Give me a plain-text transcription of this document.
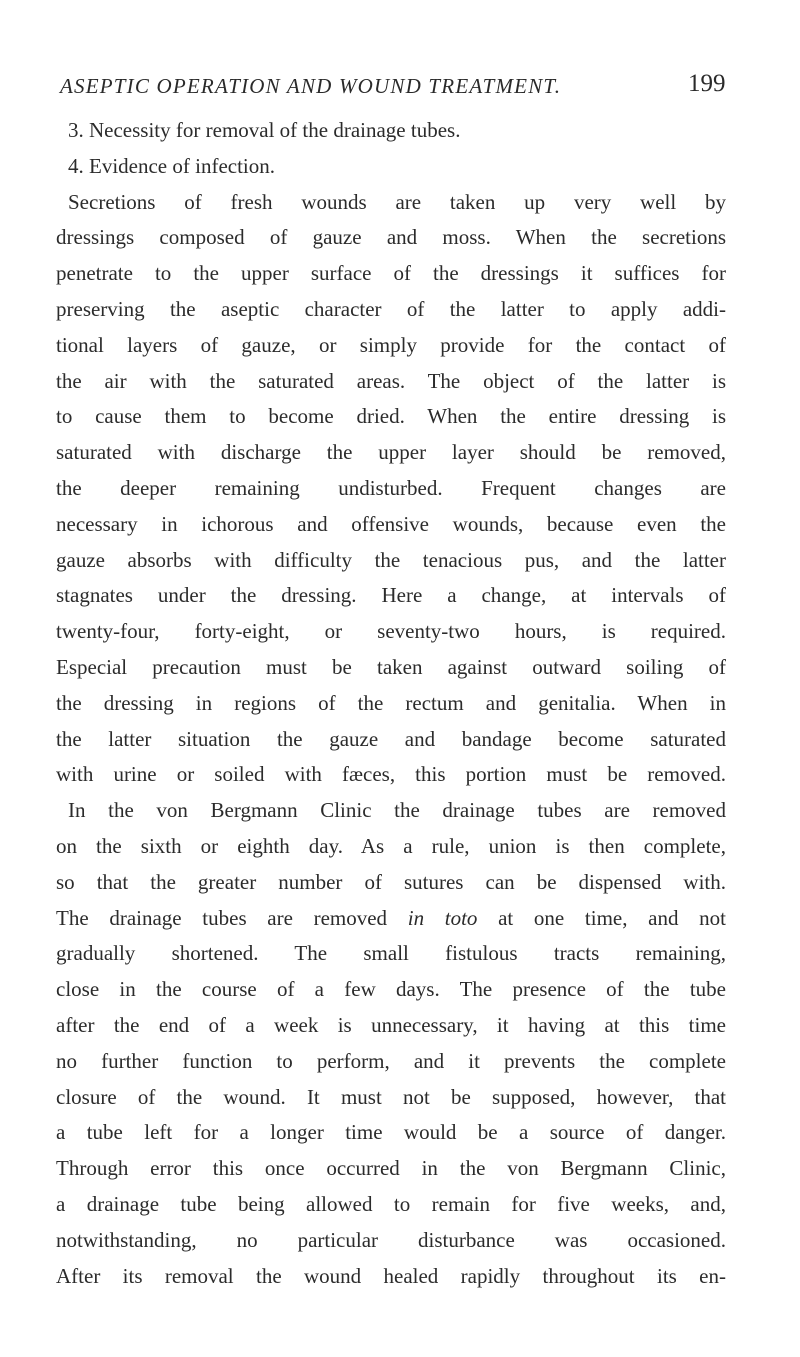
ASEPTIC OPERATION AND WOUND TREATMENT.	199
3. Necessity for removal of the drainage tubes.
4. Evidence of infection.
Secretions of fresh wounds are taken up very well by
dressings composed of gauze and moss. When the secretions
penetrate to the upper surface of the dressings it suffices for
preserving the aseptic character of the latter to apply addi-
tional layers of gauze, or simply provide for the contact of
the air with the saturated areas. The object of the latter is
to cause them to become dried. When the entire dressing is
saturated with discharge the upper layer should be removed,
the deeper remaining undisturbed. Frequent changes are
necessary in ichorous and offensive wounds, because even the
gauze absorbs with difficulty the tenacious pus, and the latter
stagnates under the dressing. Here a change, at intervals of
twenty-four, forty-eight, or seventy-two hours, is required.
Especial precaution must be taken against outward soiling of
the dressing in regions of the rectum and genitalia. When in
the latter situation the gauze and bandage become saturated
with urine or soiled with fæces, this portion must be removed.
In the von Bergmann Clinic the drainage tubes are removed
on the sixth or eighth day. As a rule, union is then complete,
so that the greater number of sutures can be dispensed with.
The drainage tubes are removed in toto at one time, and not
gradually shortened. The small fistulous tracts remaining,
close in the course of a few days. The presence of the tube
after the end of a week is unnecessary, it having at this time
no further function to perform, and it prevents the complete
closure of the wound. It must not be supposed, however, that
a tube left for a longer time would be a source of danger.
Through error this once occurred in the von Bergmann Clinic,
a drainage tube being allowed to remain for five weeks, and,
notwithstanding, no particular disturbance was occasioned.
After its removal the wound healed rapidly throughout its en-
